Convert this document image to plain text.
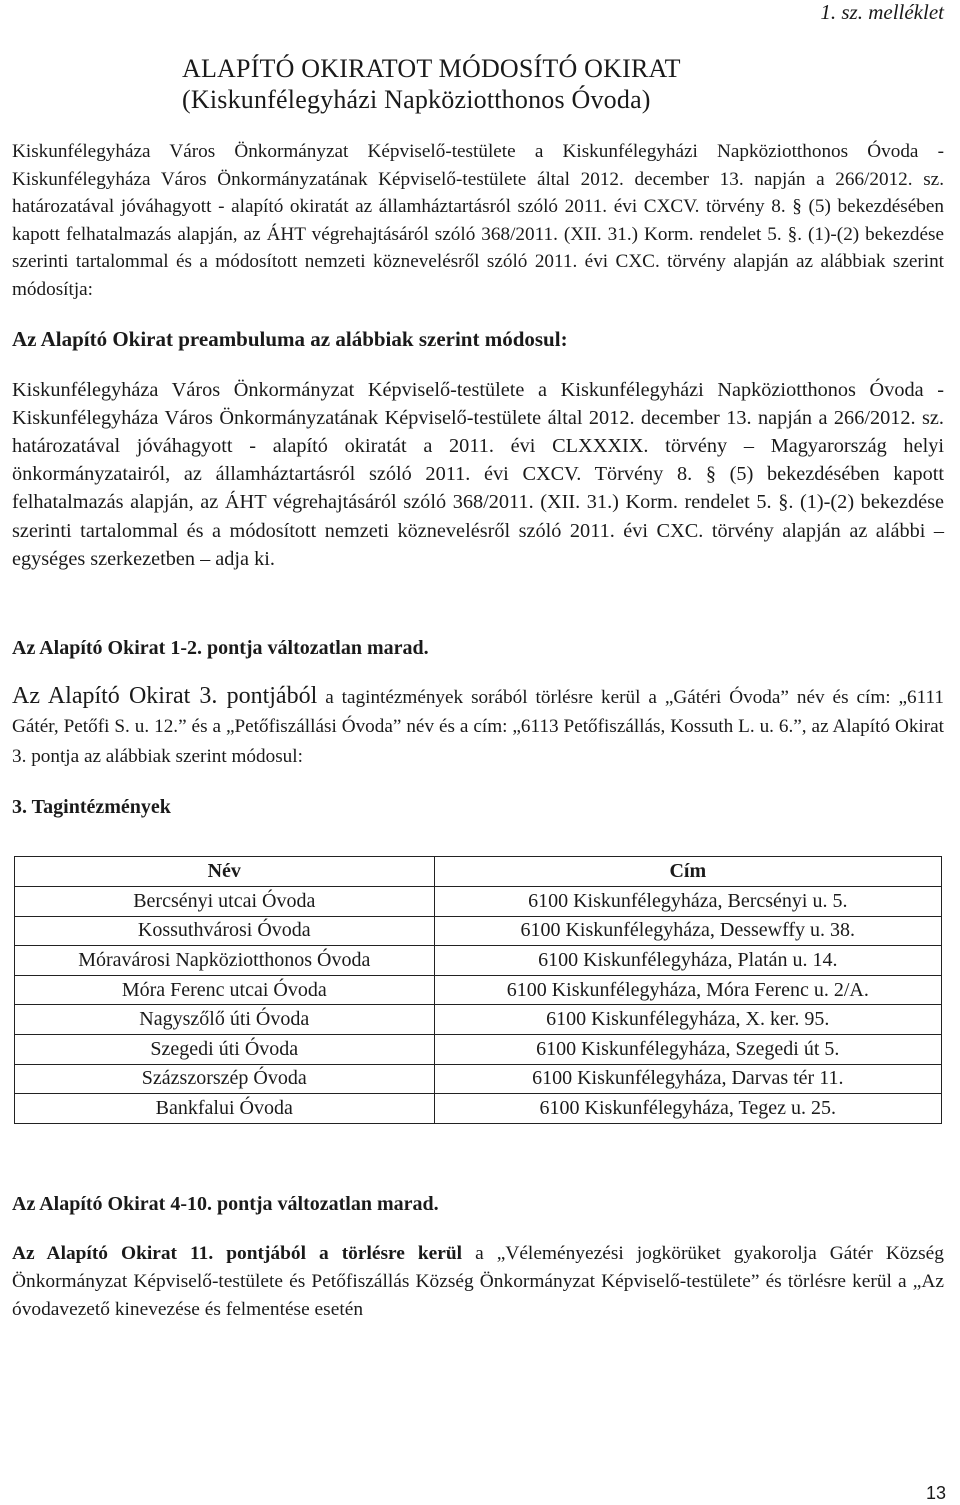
1. sz. melléklet
ALAPÍTÓ OKIRATOT MÓDOSÍTÓ OKIRAT
(Kiskunfélegyházi Napköziotthonos Óvoda)

Kiskunfélegyháza Város Önkormányzat Képviselő-testülete a Kiskunfélegyházi Napköziotthonos Óvoda - Kiskunfélegyháza Város Önkormányzatának Képviselő-testülete által 2012. december 13. napján a 266/2012. sz. határozatával jóváhagyott - alapító okiratát az államháztartásról szóló 2011. évi CXCV. törvény 8. § (5) bekezdésében kapott felhatalmazás alapján, az ÁHT végrehajtásáról szóló 368/2011. (XII. 31.) Korm. rendelet 5. §. (1)-(2) bekezdése szerinti tartalommal és a módosított nemzeti köznevelésről szóló 2011. évi CXC. törvény alapján az alábbiak szerint módosítja:

Az Alapító Okirat preambuluma az alábbiak szerint módosul:

Kiskunfélegyháza Város Önkormányzat Képviselő-testülete a Kiskunfélegyházi Napköziotthonos Óvoda - Kiskunfélegyháza Város Önkormányzatának Képviselő-testülete által 2012. december 13. napján a 266/2012. sz. határozatával jóváhagyott - alapító okiratát a 2011. évi CLXXXIX. törvény – Magyarország helyi önkormányzatairól, az államháztartásról szóló 2011. évi CXCV. Törvény 8. § (5) bekezdésében kapott felhatalmazás alapján, az ÁHT végrehajtásáról szóló 368/2011. (XII. 31.) Korm. rendelet 5. §. (1)-(2) bekezdése szerinti tartalommal és a módosított nemzeti köznevelésről szóló 2011. évi CXC. törvény alapján az alábbi – egységes szerkezetben – adja ki.

Az Alapító Okirat 1-2. pontja változatlan marad.

Az Alapító Okirat 3. pontjából a tagintézmények sorából törlésre kerül a „Gátéri Óvoda” név és cím: „6111 Gátér, Petőfi S. u. 12.” és a „Petőfiszállási Óvoda” név és a cím: „6113 Petőfiszállás, Kossuth L. u. 6.”, az Alapító Okirat 3. pontja az alábbiak szerint módosul:

3. Tagintézmények

Név	Cím
Bercsényi utcai Óvoda	6100 Kiskunfélegyháza, Bercsényi u. 5.
Kossuthvárosi Óvoda	6100 Kiskunfélegyháza, Dessewffy u. 38.
Móravárosi Napköziotthonos Óvoda	6100 Kiskunfélegyháza, Platán u. 14.
Móra Ferenc utcai Óvoda	6100 Kiskunfélegyháza, Móra Ferenc u. 2/A.
Nagyszőlő úti Óvoda	6100 Kiskunfélegyháza, X. ker. 95.
Szegedi úti Óvoda	6100 Kiskunfélegyháza, Szegedi út 5.
Százszorszép Óvoda	6100 Kiskunfélegyháza, Darvas tér 11.
Bankfalui Óvoda	6100 Kiskunfélegyháza, Tegez u. 25.

Az Alapító Okirat 4-10. pontja változatlan marad.

Az Alapító Okirat 11. pontjából a törlésre kerül a „Véleményezési jogkörüket gyakorolja Gátér Község Önkormányzat Képviselő-testülete és Petőfiszállás Község Önkormányzat Képviselő-testülete” és törlésre kerül a „Az óvodavezető kinevezése és felmentése esetén

13
